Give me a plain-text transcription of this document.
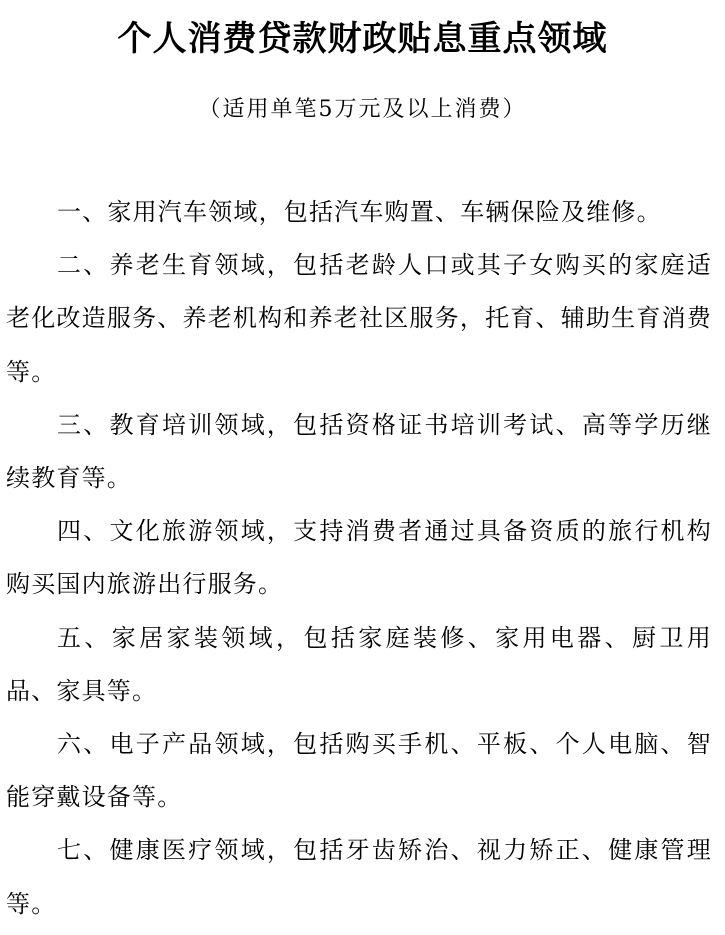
个人消费贷款财政贴息重点领域
（适用单笔5万元及以上消费）

一、家用汽车领域，包括汽车购置、车辆保险及维修。

二、养老生育领域，包括老龄人口或其子女购买的家庭适老化改造服务、养老机构和养老社区服务，托育、辅助生育消费等。

三、教育培训领域，包括资格证书培训考试、高等学历继续教育等。

四、文化旅游领域，支持消费者通过具备资质的旅行机构购买国内旅游出行服务。

五、家居家装领域，包括家庭装修、家用电器、厨卫用品、家具等。

六、电子产品领域，包括购买手机、平板、个人电脑、智能穿戴设备等。

七、健康医疗领域，包括牙齿矫治、视力矫正、健康管理等。
